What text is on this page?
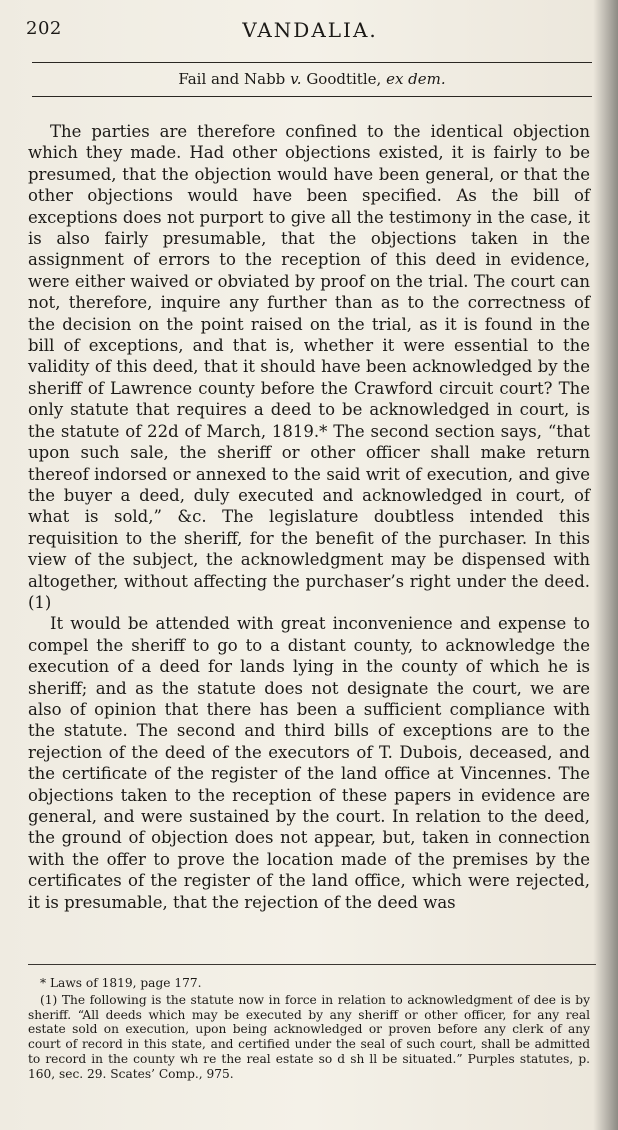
202	VANDALIA.
Fail and Nabb v. Goodtitle, ex dem.

The parties are therefore confined to the identical objection which they made. Had other objections existed, it is fairly to be presumed, that the objection would have been general, or that the other objections would have been specified. As the bill of exceptions does not purport to give all the testimony in the case, it is also fairly presumable, that the objections taken in the assignment of errors to the reception of this deed in evidence, were either waived or obviated by proof on the trial. The court can not, therefore, inquire any further than as to the correctness of the decision on the point raised on the trial, as it is found in the bill of exceptions, and that is, whether it were essential to the validity of this deed, that it should have been acknowledged by the sheriff of Lawrence county before the Crawford circuit court? The only statute that requires a deed to be acknowledged in court, is the statute of 22d of March, 1819.* The second section says, “that upon such sale, the sheriff or other officer shall make return thereof indorsed or annexed to the said writ of execution, and give the buyer a deed, duly executed and acknowledged in court, of what is sold,” &c. The legislature doubtless intended this requisition to the sheriff, for the benefit of the purchaser. In this view of the subject, the acknowledgment may be dispensed with altogether, without affecting the purchaser’s right under the deed. (1)

It would be attended with great inconvenience and expense to compel the sheriff to go to a distant county, to acknowledge the execution of a deed for lands lying in the county of which he is sheriff; and as the statute does not designate the court, we are also of opinion that there has been a sufficient compliance with the statute. The second and third bills of exceptions are to the rejection of the deed of the executors of T. Dubois, deceased, and the certificate of the register of the land office at Vincennes. The objections taken to the reception of these papers in evidence are general, and were sustained by the court. In relation to the deed, the ground of objection does not appear, but, taken in connection with the offer to prove the location made of the premises by the certificates of the register of the land office, which were rejected, it is presumable, that the rejection of the deed was

* Laws of 1819, page 177.

(1) The following is the statute now in force in relation to acknowledgment of dee is by sheriff. “All deeds which may be executed by any sheriff or other officer, for any real estate sold on execution, upon being acknowledged or proven before any clerk of any court of record in this state, and certified under the seal of such court, shall be admitted to record in the county wh re the real estate so d sh ll be situated.” Purples statutes, p. 160, sec. 29. Scates’ Comp., 975.
